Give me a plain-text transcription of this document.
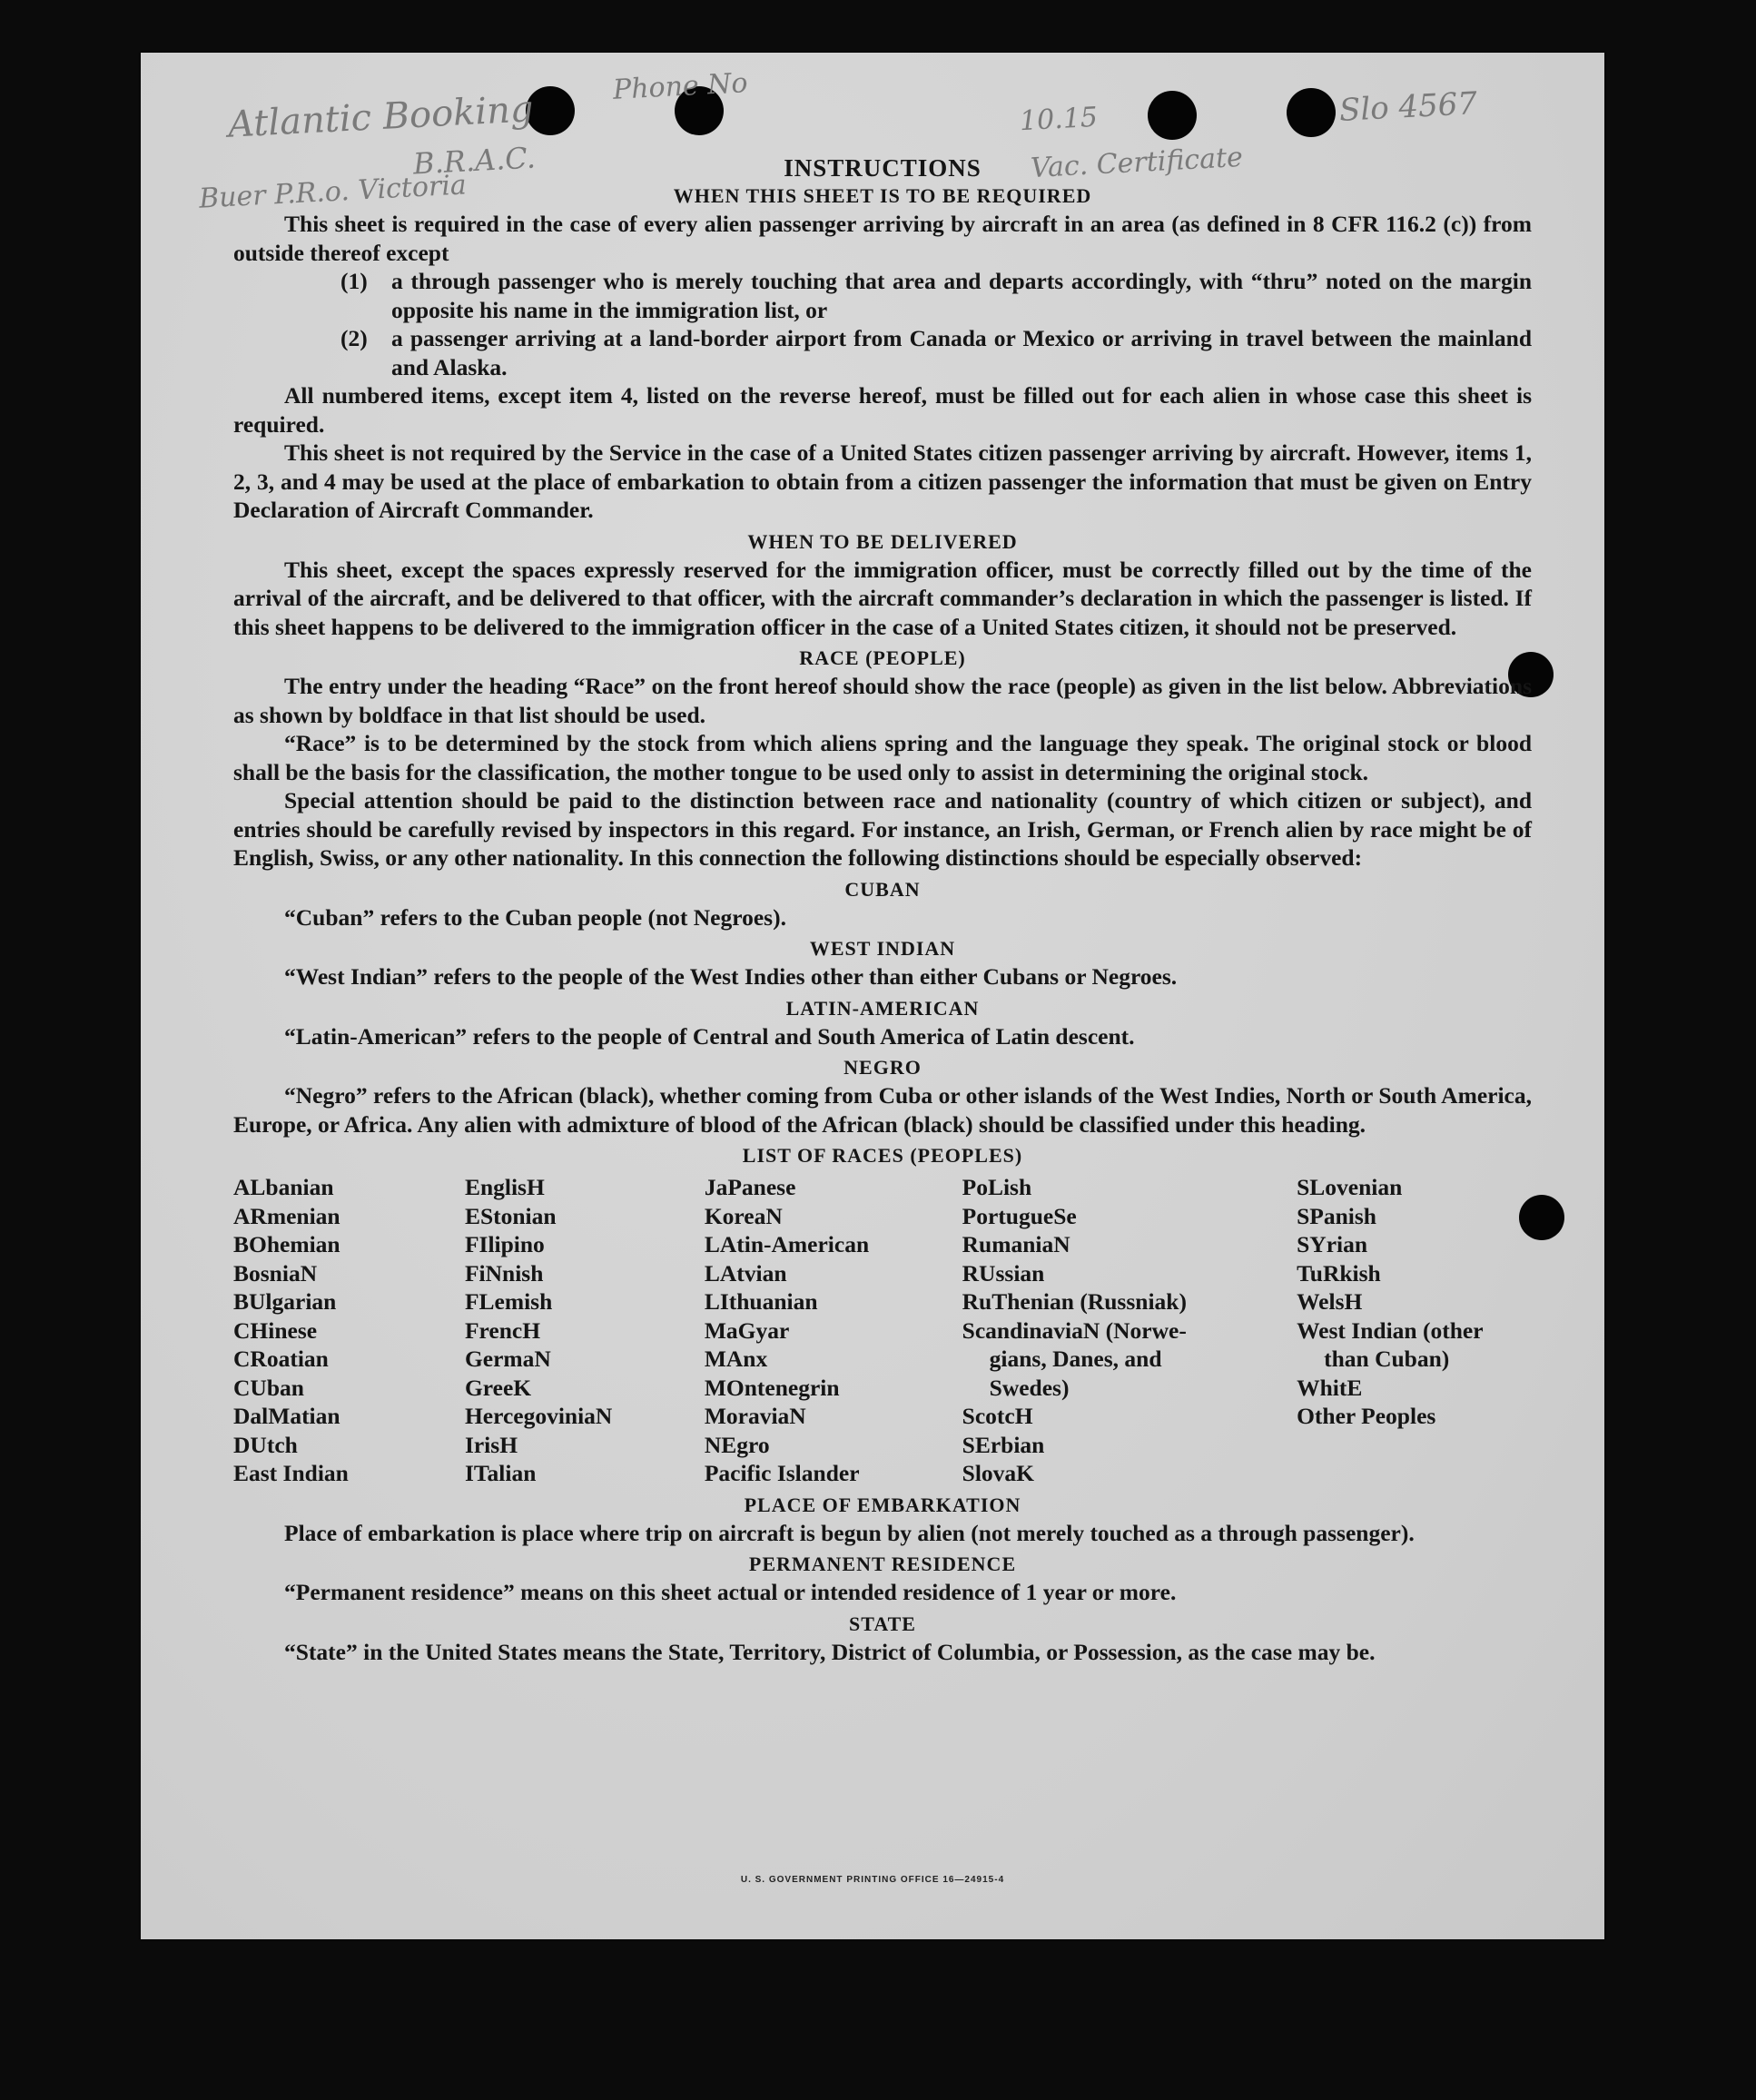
Atlantic Booking
B.R.A.C.
Buer P.R.o. Victoria
Phone No
10.15
Vac. Certificate
Slo 4567
INSTRUCTIONS
WHEN THIS SHEET IS TO BE REQUIRED

This sheet is required in the case of every alien passenger arriving by aircraft in an area (as defined in 8 CFR 116.2 (c)) from outside thereof except

(1)	a through passenger who is merely touching that area and departs accordingly, with “thru” noted on the margin opposite his name in the immigration list, or
(2)	a passenger arriving at a land-border airport from Canada or Mexico or arriving in travel between the mainland and Alaska.

All numbered items, except item 4, listed on the reverse hereof, must be filled out for each alien in whose case this sheet is required.

This sheet is not required by the Service in the case of a United States citizen passenger arriving by aircraft. However, items 1, 2, 3, and 4 may be used at the place of embarkation to obtain from a citizen passenger the information that must be given on Entry Declaration of Aircraft Commander.

WHEN TO BE DELIVERED

This sheet, except the spaces expressly reserved for the immigration officer, must be correctly filled out by the time of the arrival of the aircraft, and be delivered to that officer, with the aircraft commander’s declaration in which the passenger is listed. If this sheet happens to be delivered to the immigration officer in the case of a United States citizen, it should not be preserved.

RACE (PEOPLE)

The entry under the heading “Race” on the front hereof should show the race (people) as given in the list below. Abbreviations as shown by boldface in that list should be used.

“Race” is to be determined by the stock from which aliens spring and the language they speak. The original stock or blood shall be the basis for the classification, the mother tongue to be used only to assist in determining the original stock.

Special attention should be paid to the distinction between race and nationality (country of which citizen or subject), and entries should be carefully revised by inspectors in this regard. For instance, an Irish, German, or French alien by race might be of English, Swiss, or any other nationality. In this connection the following distinctions should be especially observed:

CUBAN

“Cuban” refers to the Cuban people (not Negroes).

WEST INDIAN

“West Indian” refers to the people of the West Indies other than either Cubans or Negroes.

LATIN-AMERICAN

“Latin-American” refers to the people of Central and South America of Latin descent.

NEGRO

“Negro” refers to the African (black), whether coming from Cuba or other islands of the West Indies, North or South America, Europe, or Africa. Any alien with admixture of blood of the African (black) should be classified under this heading.

LIST OF RACES (PEOPLES)
ALbanian
ARmenian
BOhemian
BosniaN
BUlgarian
CHinese
CRoatian
CUban
DalMatian
DUtch
East Indian
EnglisH
EStonian
FIlipino
FiNnish
FLemish
FrencH
GermaN
GreeK
HercegoviniaN
IrisH
ITalian
JaPanese
KoreaN
LAtin-American
LAtvian
LIthuanian
MaGyar
MAnx
MOntenegrin
MoraviaN
NEgro
Pacific Islander
PoLish
PortugueSe
RumaniaN
RUssian
RuThenian (Russniak)
ScandinaviaN (Norwe-
gians, Danes, and
Swedes)
ScotcH
SErbian
SlovaK
SLovenian
SPanish
SYrian
TuRkish
WelsH
West Indian (other
than Cuban)
WhitE
Other Peoples
PLACE OF EMBARKATION

Place of embarkation is place where trip on aircraft is begun by alien (not merely touched as a through passenger).

PERMANENT RESIDENCE

“Permanent residence” means on this sheet actual or intended residence of 1 year or more.

STATE

“State” in the United States means the State, Territory, District of Columbia, or Possession, as the case may be.

U. S. GOVERNMENT PRINTING OFFICE 16—24915-4
